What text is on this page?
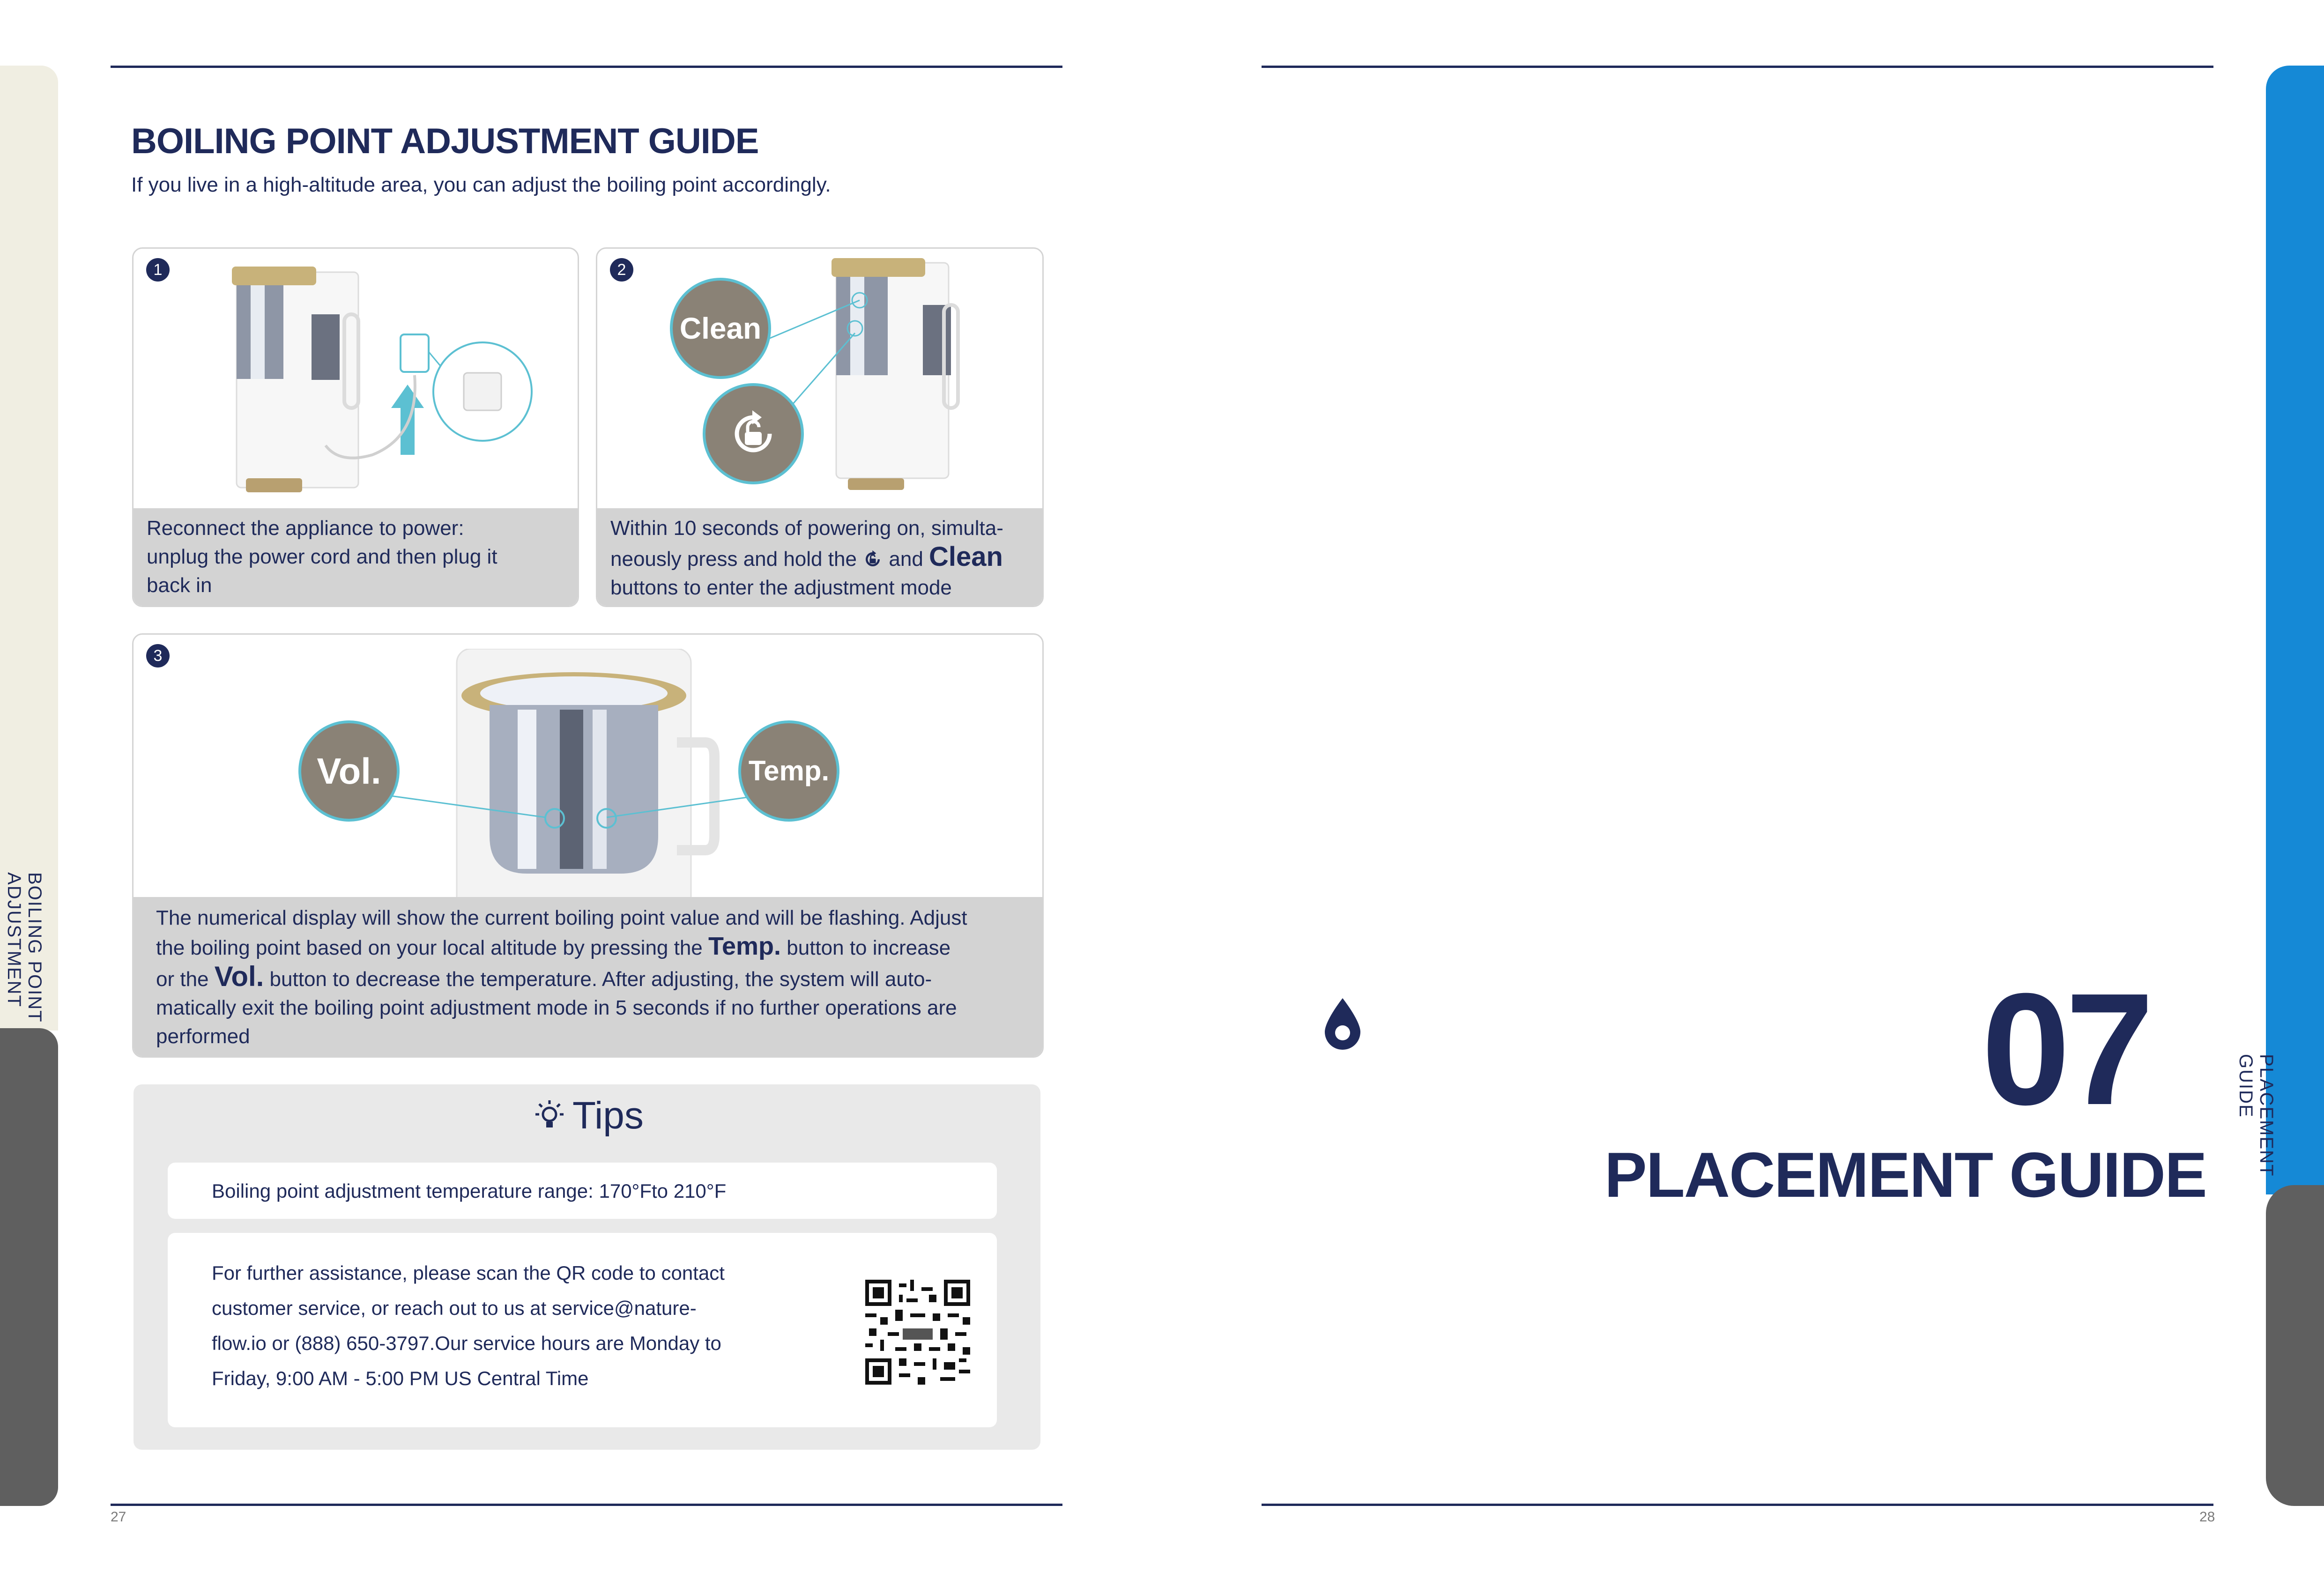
BOILING POINT
ADJUSTMENT
BOILING POINT ADJUSTMENT GUIDE
If you live in a high-altitude area, you can adjust the boiling point accordingly.
1
Reconnect the appliance to power:
unplug the power cord and then plug it
back in
2
Clean
Within 10 seconds of powering on, simulta-
neously press and hold the and Clean
buttons to enter the adjustment mode
3
Vol.	Temp.
The numerical display will show the current boiling point value and will be flashing. Adjust
the boiling point based on your local altitude by pressing the Temp. button to increase
or the Vol. button to decrease the temperature. After adjusting, the system will auto-
matically exit the boiling point adjustment mode in 5 seconds if no further operations are
performed
Tips
Boiling point adjustment temperature range: 170°Fto 210°F
For further assistance, please scan the QR code to contact
customer service, or reach out to us at service@nature-
flow.io or (888) 650-3797.Our service hours are Monday to
Friday, 9:00 AM - 5:00 PM US Central Time
27
PLACEMENT
GUIDE
07
PLACEMENT GUIDE
28
